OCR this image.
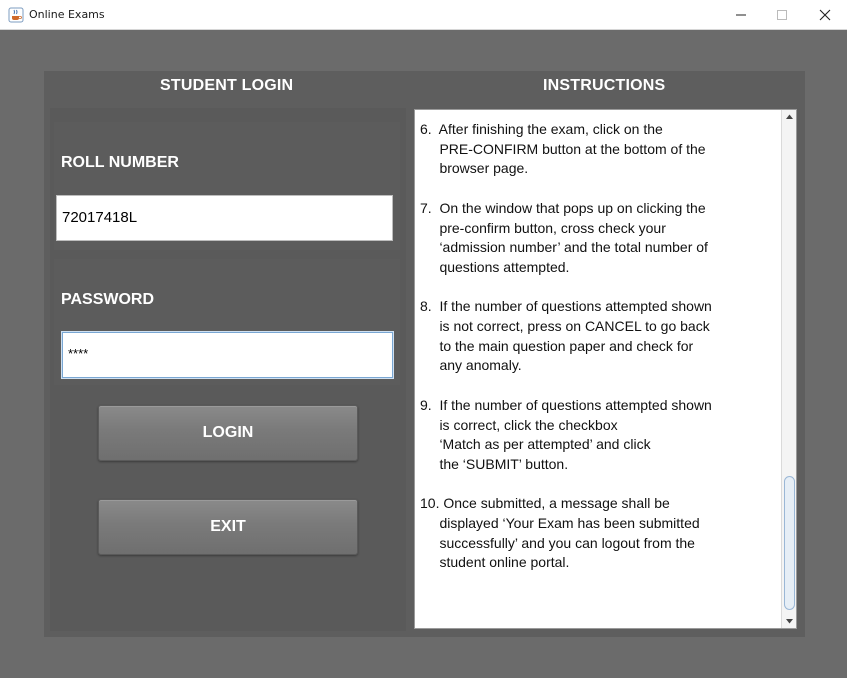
Online Exams
STUDENT LOGIN	INSTRUCTIONS
ROLL NUMBER
72017418L
PASSWORD
****
LOGIN
EXIT
6.  After finishing the exam, click on the
PRE-CONFIRM button at the bottom of the
browser page.
7.  On the window that pops up on clicking the
pre-confirm button, cross check your
‘admission number’ and the total number of
questions attempted.
8.  If the number of questions attempted shown
is not correct, press on CANCEL to go back
to the main question paper and check for
any anomaly.
9.  If the number of questions attempted shown
is correct, click the checkbox
‘Match as per attempted’ and click
the ‘SUBMIT’ button.
10. Once submitted, a message shall be
displayed ‘Your Exam has been submitted
successfully’ and you can logout from the
student online portal.
